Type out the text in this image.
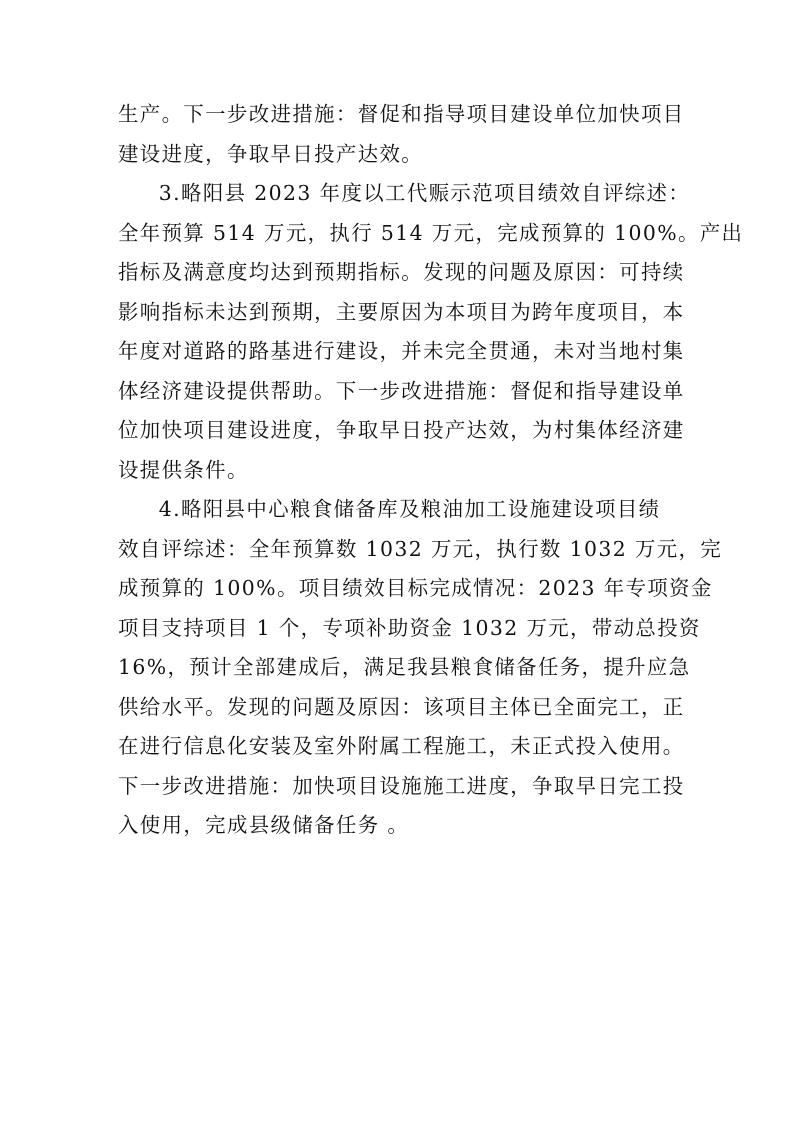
生产。下一步改进措施：督促和指导项目建设单位加快项目
建设进度，争取早日投产达效。

3.略阳县 2023 年度以工代赈示范项目绩效自评综述：
全年预算 514 万元，执行 514 万元，完成预算的 100%。产出
指标及满意度均达到预期指标。发现的问题及原因：可持续
影响指标未达到预期，主要原因为本项目为跨年度项目，本
年度对道路的路基进行建设，并未完全贯通，未对当地村集
体经济建设提供帮助。下一步改进措施：督促和指导建设单
位加快项目建设进度，争取早日投产达效，为村集体经济建
设提供条件。

4.略阳县中心粮食储备库及粮油加工设施建设项目绩
效自评综述：全年预算数 1032 万元，执行数 1032 万元，完
成预算的 100%。项目绩效目标完成情况：2023 年专项资金
项目支持项目 1 个，专项补助资金 1032 万元，带动总投资
16%，预计全部建成后，满足我县粮食储备任务，提升应急
供给水平。发现的问题及原因：该项目主体已全面完工，正
在进行信息化安装及室外附属工程施工，未正式投入使用。
下一步改进措施：加快项目设施施工进度，争取早日完工投
入使用，完成县级储备任务 。
